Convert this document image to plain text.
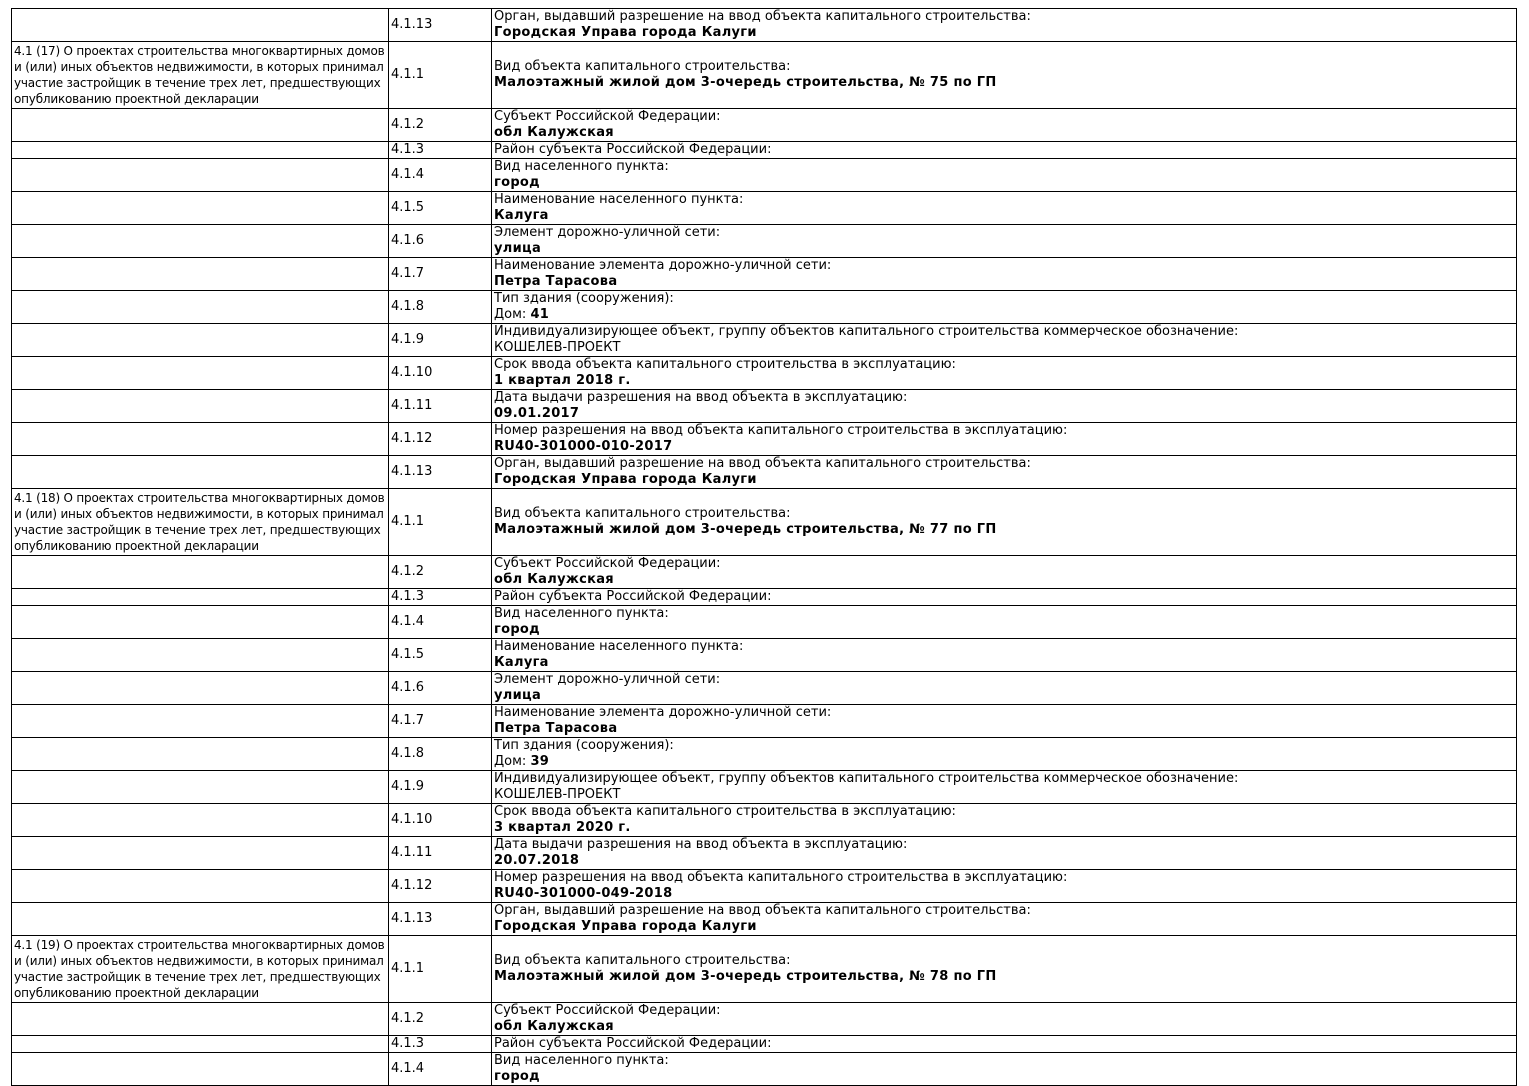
	4.1.13	Орган, выдавший разрешение на ввод объекта капитального строительства:
Городская Управа города Калуги

4.1 (17) О проектах строительства многоквартирных домов и (или) иных объектов недвижимости, в которых принимал участие застройщик в течение трех лет, предшествующих опубликованию проектной декларации	4.1.1	Вид объекта капитального строительства:
Малоэтажный жилой дом 3-очередь строительства, № 75 по ГП

	4.1.2	Субъект Российской Федерации:
обл Калужская

	4.1.3	Район субъекта Российской Федерации:

	4.1.4	Вид населенного пункта:
город

	4.1.5	Наименование населенного пункта:
Калуга

	4.1.6	Элемент дорожно-уличной сети:
улица

	4.1.7	Наименование элемента дорожно-уличной сети:
Петра Тарасова

	4.1.8	Тип здания (сооружения):
Дом: 41

	4.1.9	Индивидуализирующее объект, группу объектов капитального строительства коммерческое обозначение:
КОШЕЛЕВ-ПРОЕКТ

	4.1.10	Срок ввода объекта капитального строительства в эксплуатацию:
1 квартал 2018 г.

	4.1.11	Дата выдачи разрешения на ввод объекта в эксплуатацию:
09.01.2017

	4.1.12	Номер разрешения на ввод объекта капитального строительства в эксплуатацию:
RU40-301000-010-2017

	4.1.13	Орган, выдавший разрешение на ввод объекта капитального строительства:
Городская Управа города Калуги

4.1 (18) О проектах строительства многоквартирных домов и (или) иных объектов недвижимости, в которых принимал участие застройщик в течение трех лет, предшествующих опубликованию проектной декларации	4.1.1	Вид объекта капитального строительства:
Малоэтажный жилой дом 3-очередь строительства, № 77 по ГП

	4.1.2	Субъект Российской Федерации:
обл Калужская

	4.1.3	Район субъекта Российской Федерации:

	4.1.4	Вид населенного пункта:
город

	4.1.5	Наименование населенного пункта:
Калуга

	4.1.6	Элемент дорожно-уличной сети:
улица

	4.1.7	Наименование элемента дорожно-уличной сети:
Петра Тарасова

	4.1.8	Тип здания (сооружения):
Дом: 39

	4.1.9	Индивидуализирующее объект, группу объектов капитального строительства коммерческое обозначение:
КОШЕЛЕВ-ПРОЕКТ

	4.1.10	Срок ввода объекта капитального строительства в эксплуатацию:
3 квартал 2020 г.

	4.1.11	Дата выдачи разрешения на ввод объекта в эксплуатацию:
20.07.2018

	4.1.12	Номер разрешения на ввод объекта капитального строительства в эксплуатацию:
RU40-301000-049-2018

	4.1.13	Орган, выдавший разрешение на ввод объекта капитального строительства:
Городская Управа города Калуги

4.1 (19) О проектах строительства многоквартирных домов и (или) иных объектов недвижимости, в которых принимал участие застройщик в течение трех лет, предшествующих опубликованию проектной декларации	4.1.1	Вид объекта капитального строительства:
Малоэтажный жилой дом 3-очередь строительства, № 78 по ГП

	4.1.2	Субъект Российской Федерации:
обл Калужская

	4.1.3	Район субъекта Российской Федерации:

	4.1.4	Вид населенного пункта:
город
